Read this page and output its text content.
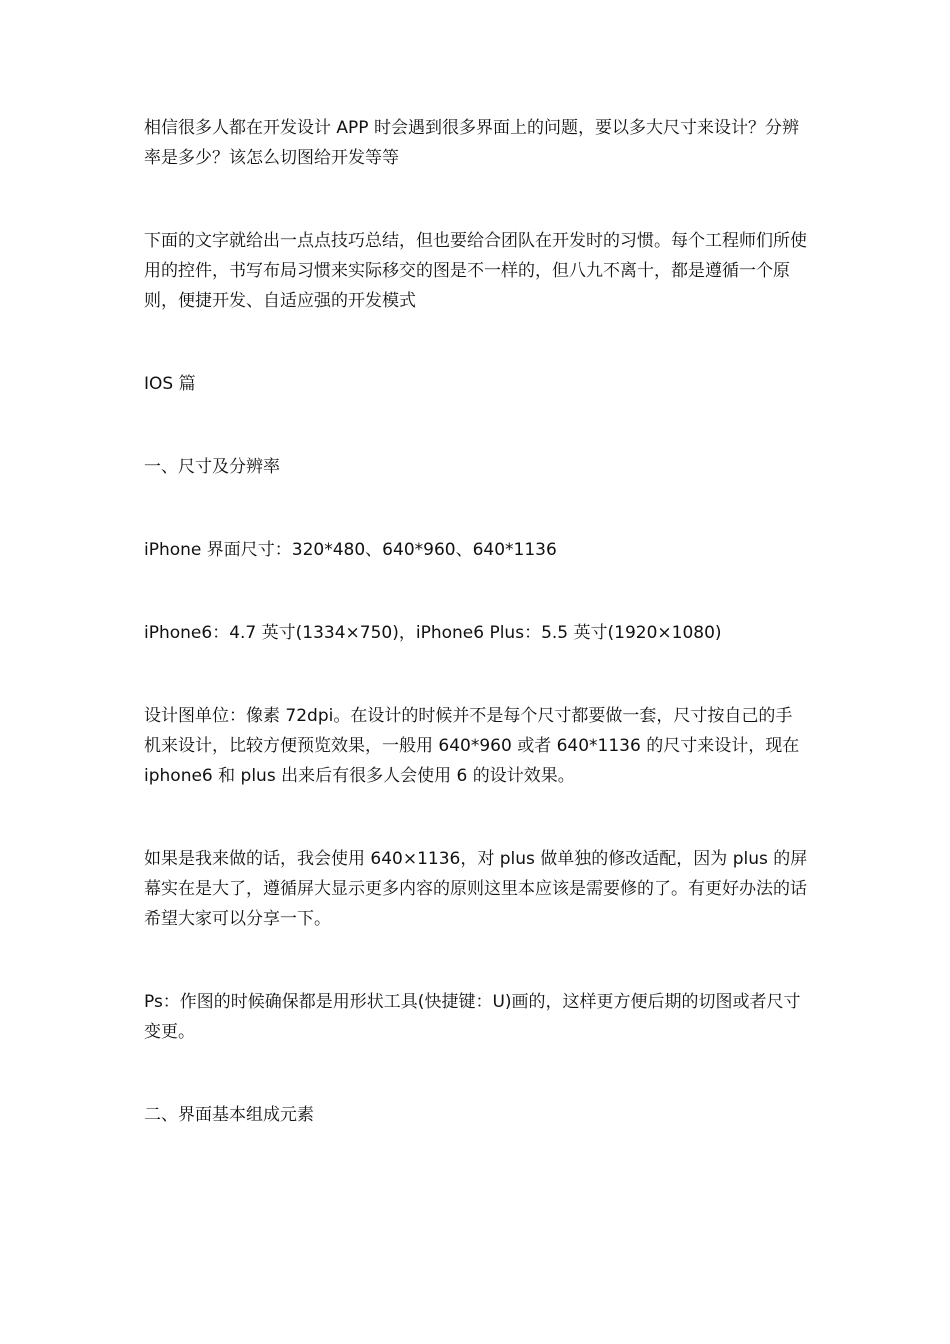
相信很多人都在开发设计 APP 时会遇到很多界面上的问题，要以多大尺寸来设计？分辨率是多少？该怎么切图给开发等等

下面的文字就给出一点点技巧总结，但也要给合团队在开发时的习惯。每个工程师们所使用的控件，书写布局习惯来实际移交的图是不一样的，但八九不离十，都是遵循一个原则，便捷开发、自适应强的开发模式

IOS 篇

一、尺寸及分辨率

iPhone 界面尺寸：320*480、640*960、640*1136

iPhone6：4.7 英寸(1334×750)，iPhone6 Plus：5.5 英寸(1920×1080)

设计图单位：像素 72dpi。在设计的时候并不是每个尺寸都要做一套，尺寸按自己的手机来设计，比较方便预览效果，一般用 640*960 或者 640*1136 的尺寸来设计，现在 iphone6 和 plus 出来后有很多人会使用 6 的设计效果。

如果是我来做的话，我会使用 640×1136，对 plus 做单独的修改适配，因为 plus 的屏幕实在是大了，遵循屏大显示更多内容的原则这里本应该是需要修的了。有更好办法的话希望大家可以分享一下。

Ps：作图的时候确保都是用形状工具(快捷键：U)画的，这样更方便后期的切图或者尺寸变更。

二、界面基本组成元素
